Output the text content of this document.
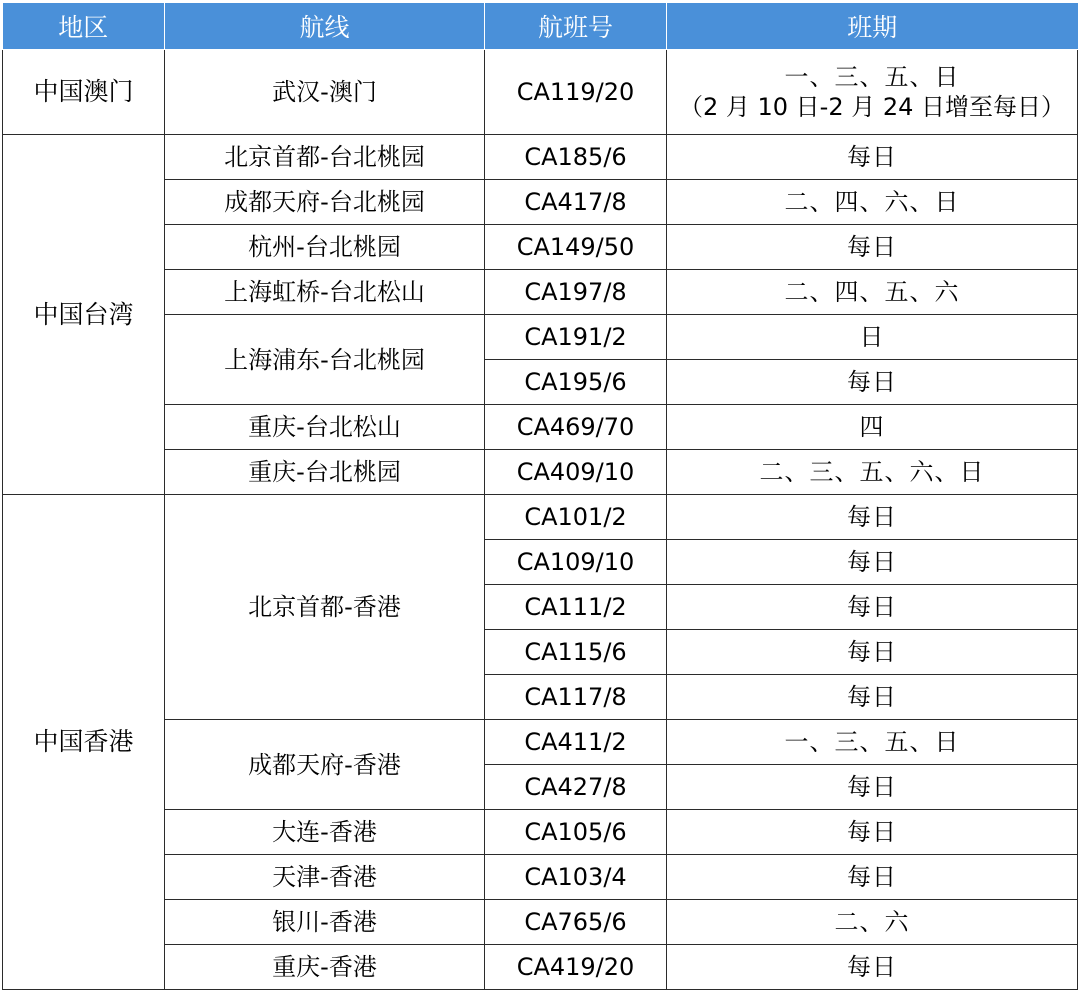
地区	航线	航班号	班期
中国澳门	武汉-澳门	CA119/20	一、三、五、日
（2 月 10 日-2 月 24 日增至每日）
中国台湾	北京首都-台北桃园	CA185/6	每日
	成都天府-台北桃园	CA417/8	二、四、六、日
	杭州-台北桃园	CA149/50	每日
	上海虹桥-台北松山	CA197/8	二、四、五、六
	上海浦东-台北桃园	CA191/2	日
		CA195/6	每日
	重庆-台北松山	CA469/70	四
	重庆-台北桃园	CA409/10	二、三、五、六、日
中国香港	北京首都-香港	CA101/2	每日
		CA109/10	每日
		CA111/2	每日
		CA115/6	每日
		CA117/8	每日
	成都天府-香港	CA411/2	一、三、五、日
		CA427/8	每日
	大连-香港	CA105/6	每日
	天津-香港	CA103/4	每日
	银川-香港	CA765/6	二、六
	重庆-香港	CA419/20	每日
